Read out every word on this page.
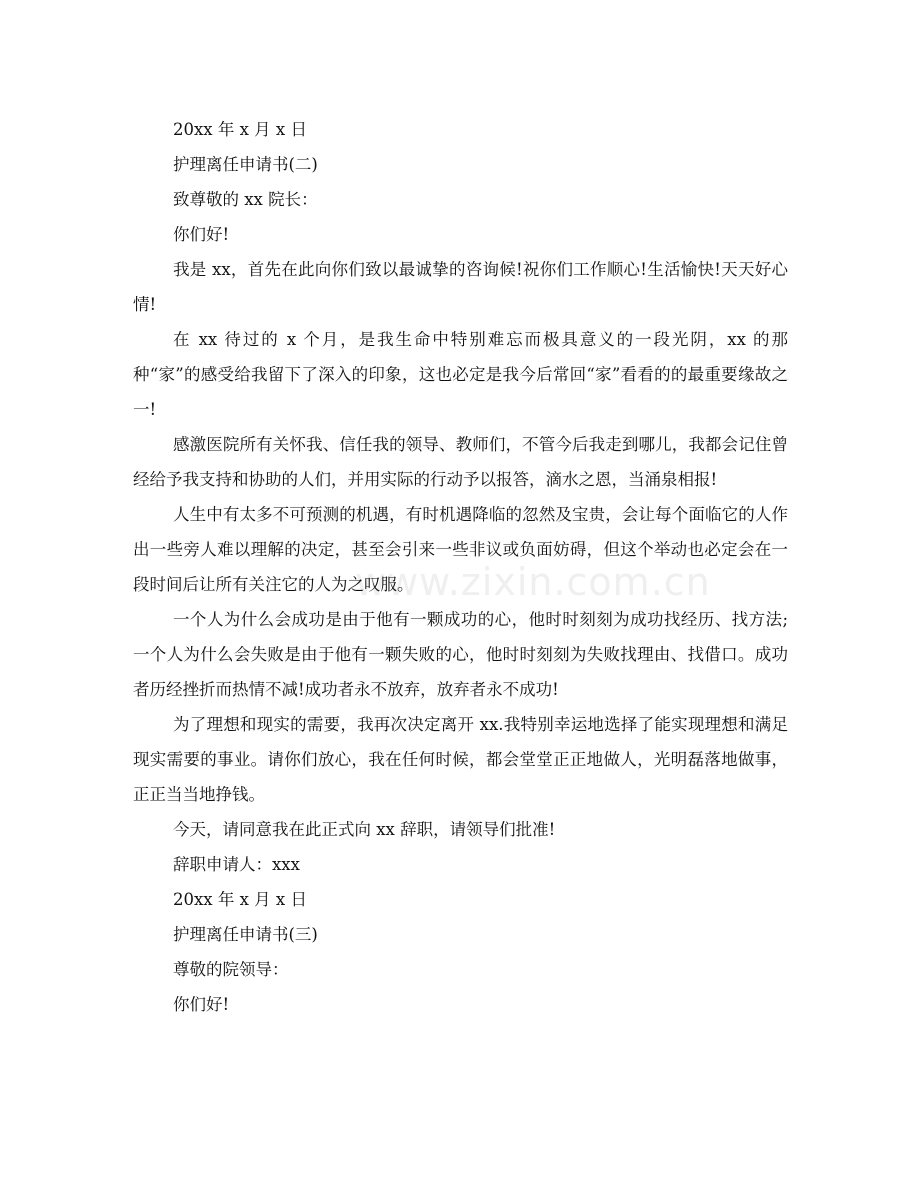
www.zixin.com.cn

20xx 年 x 月 x 日

护理离任申请书(二)

致尊敬的 xx 院长：

你们好!

我是 xx，首先在此向你们致以最诚挚的咨询候!祝你们工作顺心!生活愉快!天天好心情!

在 xx 待过的 x 个月，是我生命中特别难忘而极具意义的一段光阴，xx 的那种“家”的感受给我留下了深入的印象，这也必定是我今后常回“家”看看的的最重要缘故之一!

感激医院所有关怀我、信任我的领导、教师们，不管今后我走到哪儿，我都会记住曾经给予我支持和协助的人们，并用实际的行动予以报答，滴水之恩，当涌泉相报!

人生中有太多不可预测的机遇，有时机遇降临的忽然及宝贵，会让每个面临它的人作出一些旁人难以理解的决定，甚至会引来一些非议或负面妨碍，但这个举动也必定会在一段时间后让所有关注它的人为之叹服。

一个人为什么会成功是由于他有一颗成功的心，他时时刻刻为成功找经历、找方法;一个人为什么会失败是由于他有一颗失败的心，他时时刻刻为失败找理由、找借口。成功者历经挫折而热情不减!成功者永不放弃，放弃者永不成功!

为了理想和现实的需要，我再次决定离开 xx.我特别幸运地选择了能实现理想和满足现实需要的事业。请你们放心，我在任何时候，都会堂堂正正地做人，光明磊落地做事，正正当当地挣钱。

今天，请同意我在此正式向 xx 辞职，请领导们批准!

辞职申请人：xxx

20xx 年 x 月 x 日

护理离任申请书(三)

尊敬的院领导：

你们好!
